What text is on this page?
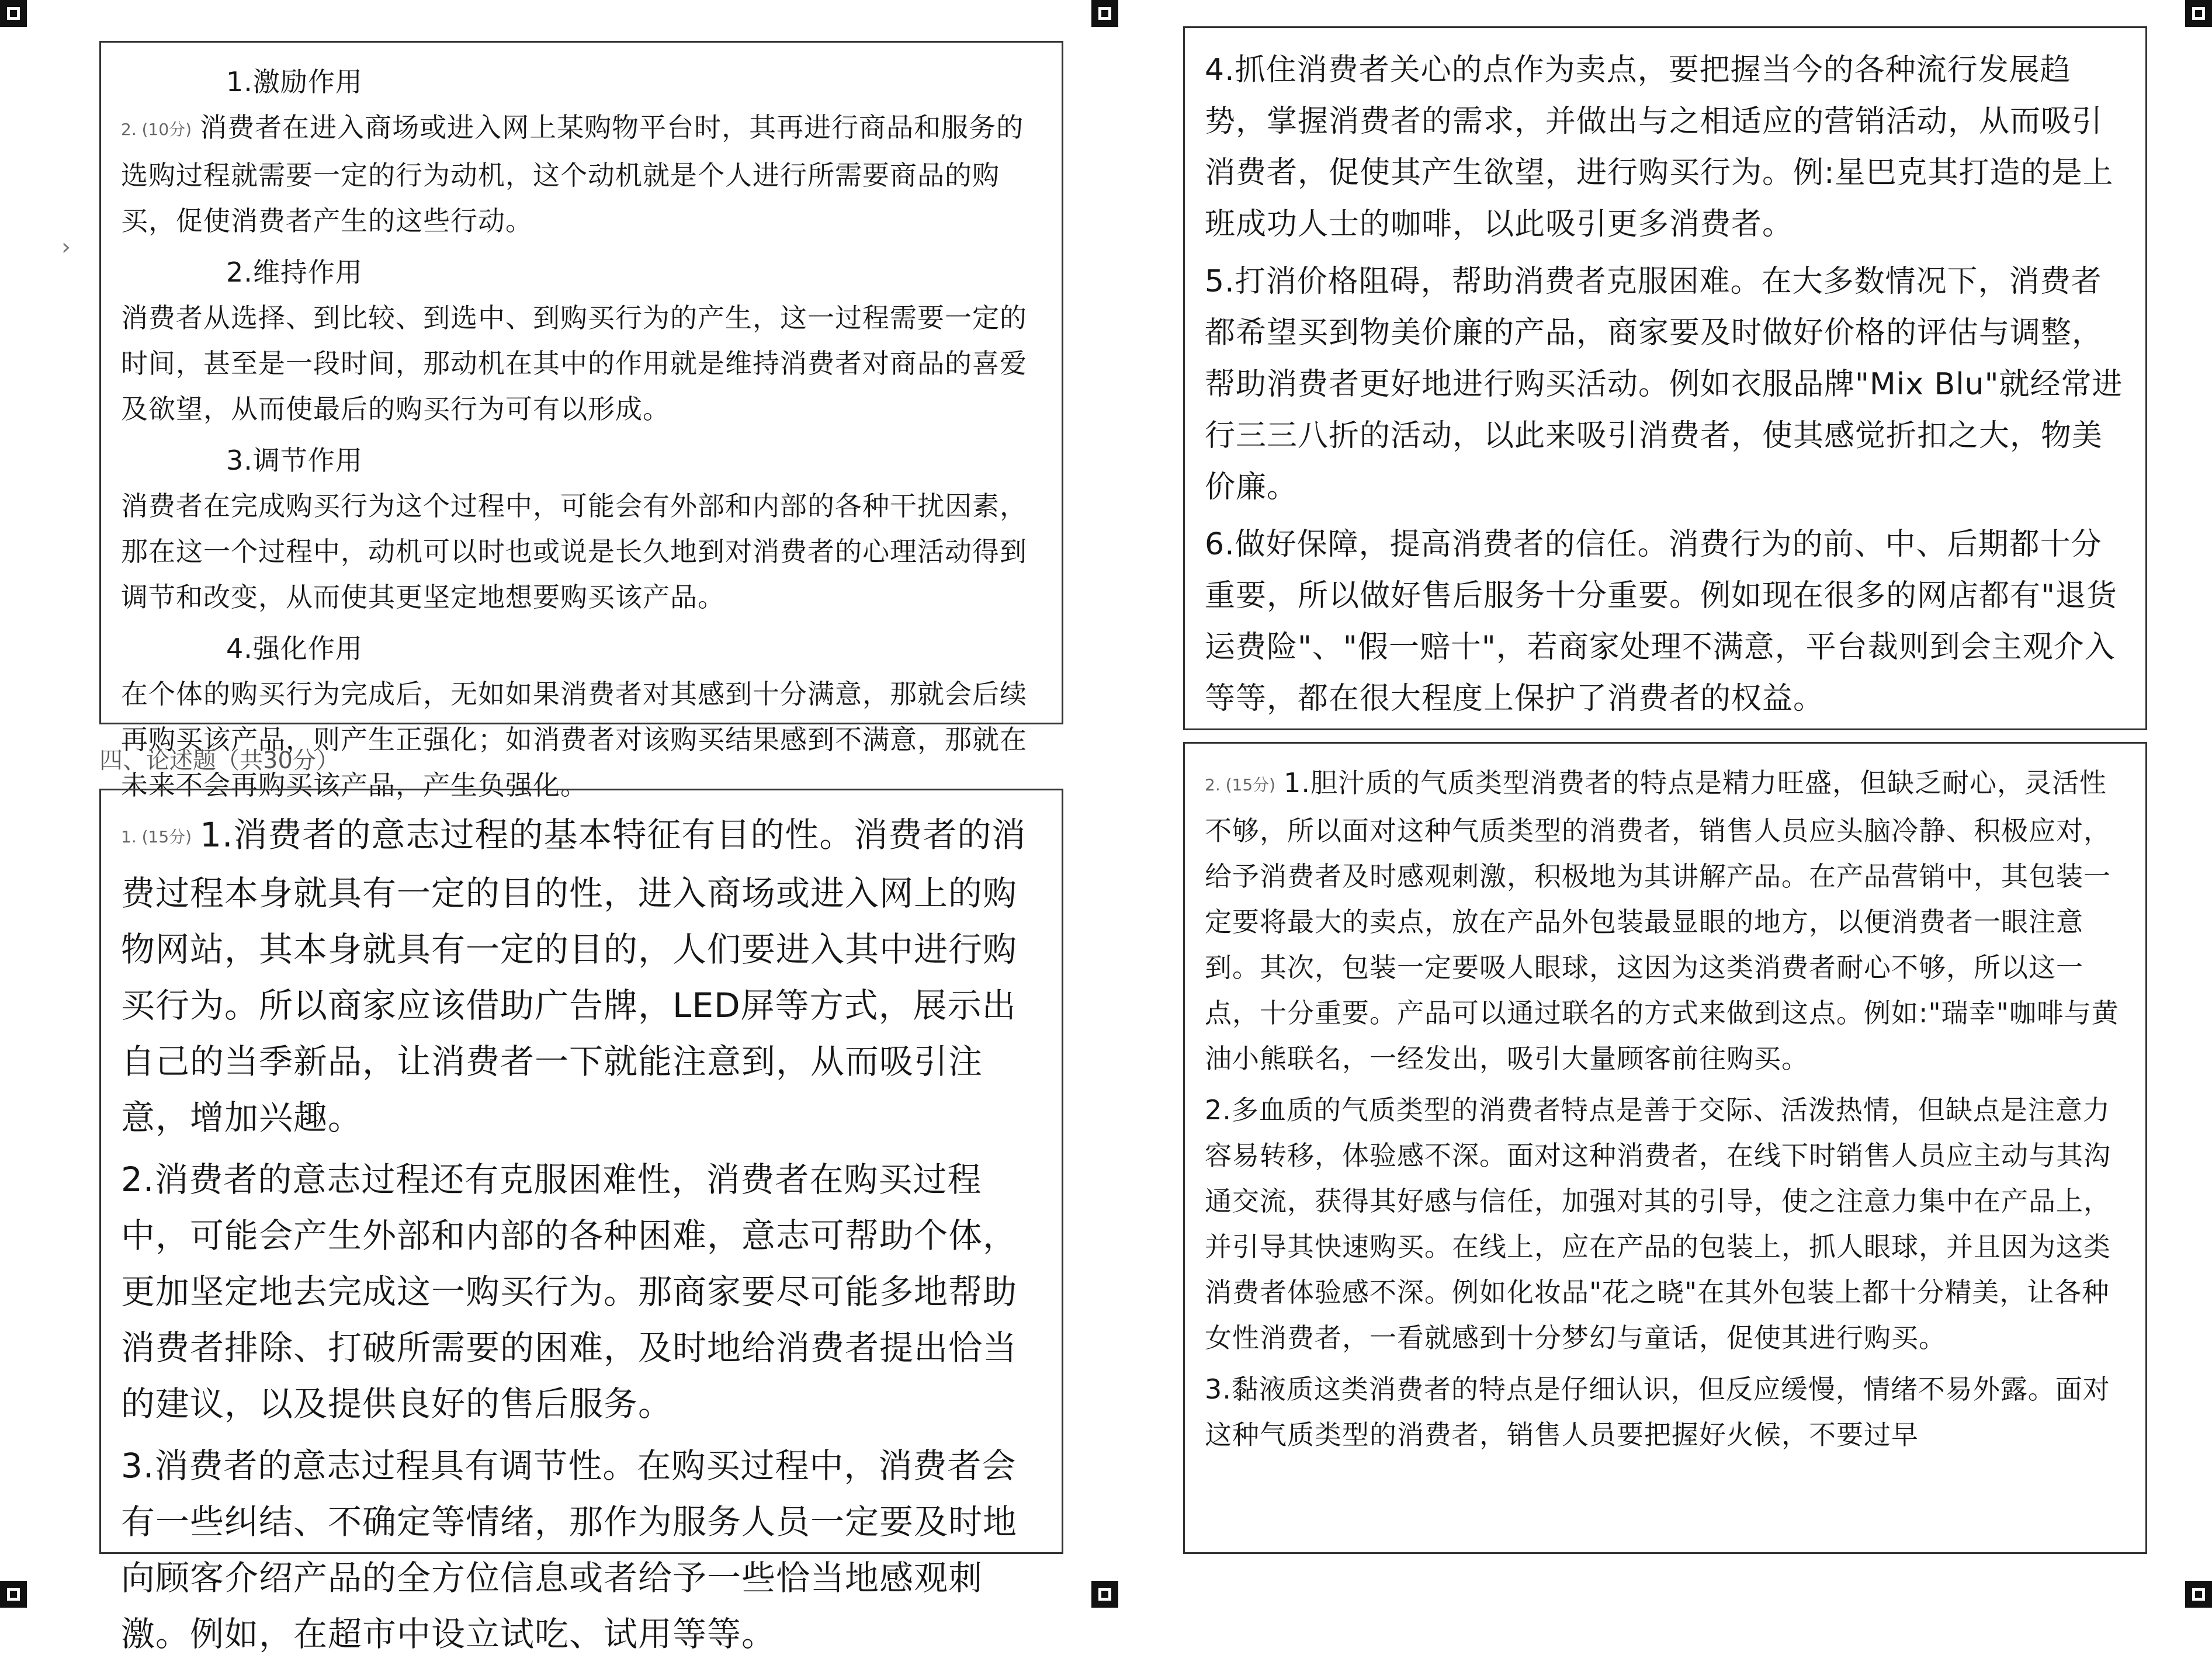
1.激励作用
2. (10分) 消费者在进入商场或进入网上某购物平台时，其再进行商品和服务的选购过程就需要一定的行为动机，这个动机就是个人进行所需要商品的购买，促使消费者产生的这些行动。
2.维持作用
消费者从选择、到比较、到选中、到购买行为的产生，这一过程需要一定的时间，甚至是一段时间，那动机在其中的作用就是维持消费者对商品的喜爱及欲望，从而使最后的购买行为可有以形成。
3.调节作用
消费者在完成购买行为这个过程中，可能会有外部和内部的各种干扰因素，那在这一个过程中，动机可以时也或说是长久地到对消费者的心理活动得到调节和改变，从而使其更坚定地想要购买该产品。
4.强化作用
在个体的购买行为完成后，无如如果消费者对其感到十分满意，那就会后续再购买该产品，则产生正强化；如消费者对该购买结果感到不满意，那就在未来不会再购买该产品，产生负强化。
›
四、论述题（共30分）
1. (15分) 1.消费者的意志过程的基本特征有目的性。消费者的消费过程本身就具有一定的目的性，进入商场或进入网上的购物网站，其本身就具有一定的目的，人们要进入其中进行购买行为。所以商家应该借助广告牌，LED屏等方式，展示出自己的当季新品，让消费者一下就能注意到，从而吸引注意，增加兴趣。
2.消费者的意志过程还有克服困难性，消费者在购买过程中，可能会产生外部和内部的各种困难，意志可帮助个体，更加坚定地去完成这一购买行为。那商家要尽可能多地帮助消费者排除、打破所需要的困难，及时地给消费者提出恰当的建议，以及提供良好的售后服务。
3.消费者的意志过程具有调节性。在购买过程中，消费者会有一些纠结、不确定等情绪，那作为服务人员一定要及时地向顾客介绍产品的全方位信息或者给予一些恰当地感观刺激。例如，在超市中设立试吃、试用等等。
4.抓住消费者关心的点作为卖点，要把握当今的各种流行发展趋势，掌握消费者的需求，并做出与之相适应的营销活动，从而吸引消费者，促使其产生欲望，进行购买行为。例:星巴克其打造的是上班成功人士的咖啡，以此吸引更多消费者。
5.打消价格阻碍，帮助消费者克服困难。在大多数情况下，消费者都希望买到物美价廉的产品，商家要及时做好价格的评估与调整，帮助消费者更好地进行购买活动。例如衣服品牌"Mix Blu"就经常进行三三八折的活动，以此来吸引消费者，使其感觉折扣之大，物美价廉。
6.做好保障，提高消费者的信任。消费行为的前、中、后期都十分重要，所以做好售后服务十分重要。例如现在很多的网店都有"退货运费险"、"假一赔十"，若商家处理不满意，平台裁则到会主观介入等等，都在很大程度上保护了消费者的权益。
2. (15分) 1.胆汁质的气质类型消费者的特点是精力旺盛，但缺乏耐心，灵活性不够，所以面对这种气质类型的消费者，销售人员应头脑冷静、积极应对，给予消费者及时感观刺激，积极地为其讲解产品。在产品营销中，其包装一定要将最大的卖点，放在产品外包装最显眼的地方，以便消费者一眼注意到。其次，包装一定要吸人眼球，这因为这类消费者耐心不够，所以这一点，十分重要。产品可以通过联名的方式来做到这点。例如:"瑞幸"咖啡与黄油小熊联名，一经发出，吸引大量顾客前往购买。
2.多血质的气质类型的消费者特点是善于交际、活泼热情，但缺点是注意力容易转移，体验感不深。面对这种消费者，在线下时销售人员应主动与其沟通交流，获得其好感与信任，加强对其的引导，使之注意力集中在产品上，并引导其快速购买。在线上，应在产品的包装上，抓人眼球，并且因为这类消费者体验感不深。例如化妆品"花之晓"在其外包装上都十分精美，让各种女性消费者，一看就感到十分梦幻与童话，促使其进行购买。
3.黏液质这类消费者的特点是仔细认识，但反应缓慢，情绪不易外露。面对这种气质类型的消费者，销售人员要把握好火候，不要过早
